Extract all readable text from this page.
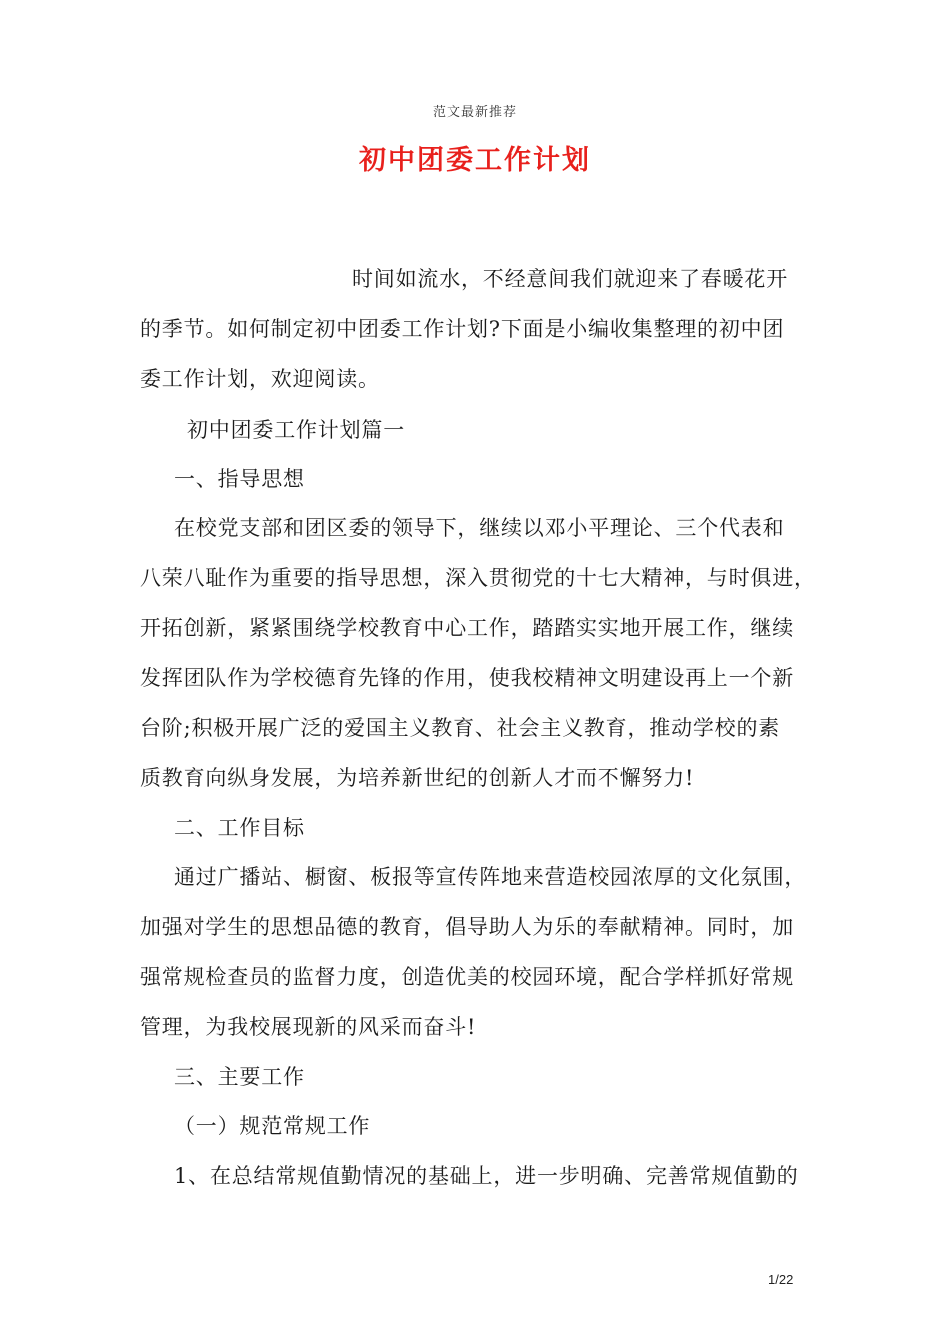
范文最新推荐
初中团委工作计划
时间如流水，不经意间我们就迎来了春暖花开
的季节。如何制定初中团委工作计划?下面是小编收集整理的初中团
委工作计划，欢迎阅读。
初中团委工作计划篇一
一、指导思想
在校党支部和团区委的领导下，继续以邓小平理论、三个代表和
八荣八耻作为重要的指导思想，深入贯彻党的十七大精神，与时俱进，
开拓创新，紧紧围绕学校教育中心工作，踏踏实实地开展工作，继续
发挥团队作为学校德育先锋的作用，使我校精神文明建设再上一个新
台阶;积极开展广泛的爱国主义教育、社会主义教育，推动学校的素
质教育向纵身发展，为培养新世纪的创新人才而不懈努力!
二、工作目标
通过广播站、橱窗、板报等宣传阵地来营造校园浓厚的文化氛围，
加强对学生的思想品德的教育，倡导助人为乐的奉献精神。同时，加
强常规检查员的监督力度，创造优美的校园环境，配合学样抓好常规
管理，为我校展现新的风采而奋斗!
三、主要工作
（一）规范常规工作
1、在总结常规值勤情况的基础上，进一步明确、完善常规值勤的
1/22
